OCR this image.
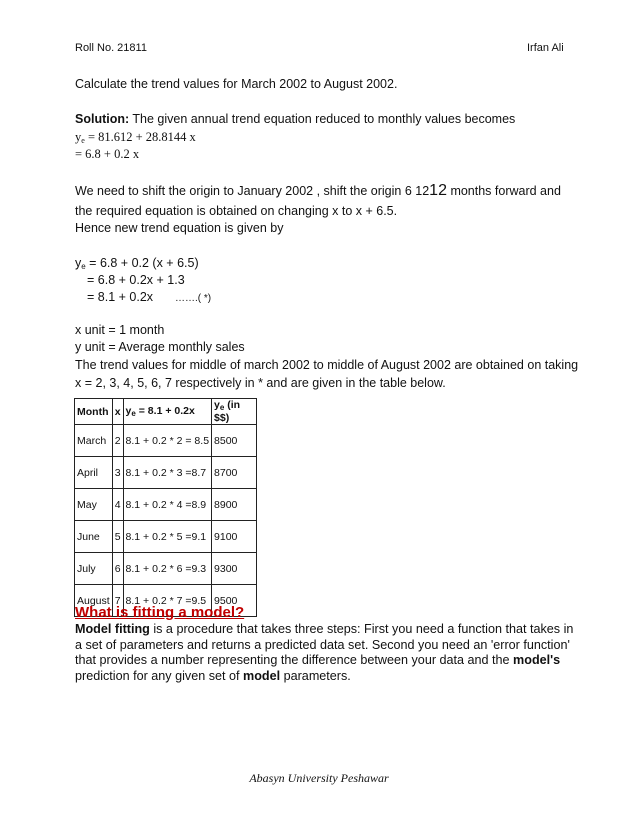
Roll No. 21811	Irfan Ali
Calculate the trend values for March 2002 to August 2002.
Solution: The given annual trend equation reduced to monthly values becomes
$y_e = 81.612 + 28.8144$ x
= 6.8 + 0.2 x
We need to shift the origin to January 2002 , shift the origin 6 1212 months forward and
the required equation is obtained on changing x to x + 6.5.
Hence new trend equation is given by
$y_e = 6.8 + 0.2$ (x + 6.5)
= 6.8 + 0.2x + 1.3
= 8.1 + 0.2x …….( *)
x unit = 1 month
y unit = Average monthly sales
The trend values for middle of march 2002 to middle of August 2002 are obtained on taking
x = 2, 3, 4, 5, 6, 7 respectively in * and are given in the table below.
Month	x	$y_e = 8.1 + 0.2x$	$y_e$ (in $$)
March	2	8.1 + 0.2 * 2 = 8.5	8500
April	3	8.1 + 0.2 * 3 =8.7	8700
May	4	8.1 + 0.2 * 4 =8.9	8900
June	5	8.1 + 0.2 * 5 =9.1	9100
July	6	8.1 + 0.2 * 6 =9.3	9300
August	7	8.1 + 0.2 * 7 =9.5	9500
What is fitting a model?
Model fitting is a procedure that takes three steps: First you need a function that takes in a set of parameters and returns a predicted data set. Second you need an 'error function' that provides a number representing the difference between your data and the model's prediction for any given set of model parameters.
Abasyn University Peshawar
